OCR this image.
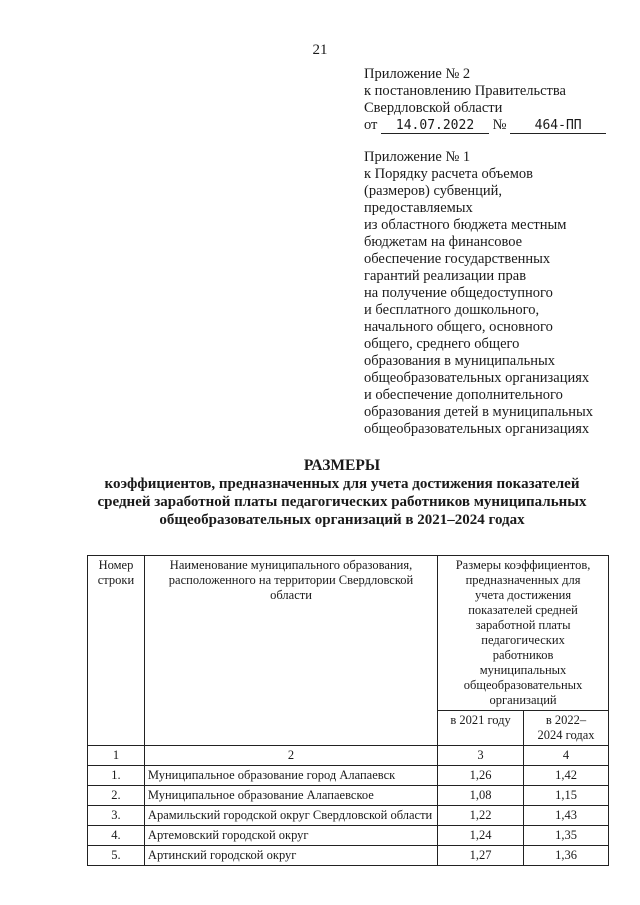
21
Приложение № 2
к постановлению Правительства
Свердловской области
от 14.07.2022 № 464-ПП
Приложение № 1
к Порядку расчета объемов
(размеров) субвенций,
предоставляемых
из областного бюджета местным
бюджетам на финансовое
обеспечение государственных
гарантий реализации прав
на получение общедоступного
и бесплатного дошкольного,
начального общего, основного
общего, среднего общего
образования в муниципальных
общеобразовательных организациях
и обеспечение дополнительного
образования детей в муниципальных
общеобразовательных организациях
РАЗМЕРЫ
коэффициентов, предназначенных для учета достижения показателей
средней заработной платы педагогических работников муниципальных
общеобразовательных организаций в 2021–2024 годах
Номер строки	Наименование муниципального образования, расположенного на территории Свердловской области	Размеры коэффициентов, предназначенных для учета достижения показателей средней заработной платы педагогических работников муниципальных общеобразовательных организаций	
		в 2021 году	в 2022–2024 годах
1	2	3	4
1.	Муниципальное образование город Алапаевск	1,26	1,42
2.	Муниципальное образование Алапаевское	1,08	1,15
3.	Арамильский городской округ Свердловской области	1,22	1,43
4.	Артемовский городской округ	1,24	1,35
5.	Артинский городской округ	1,27	1,36
